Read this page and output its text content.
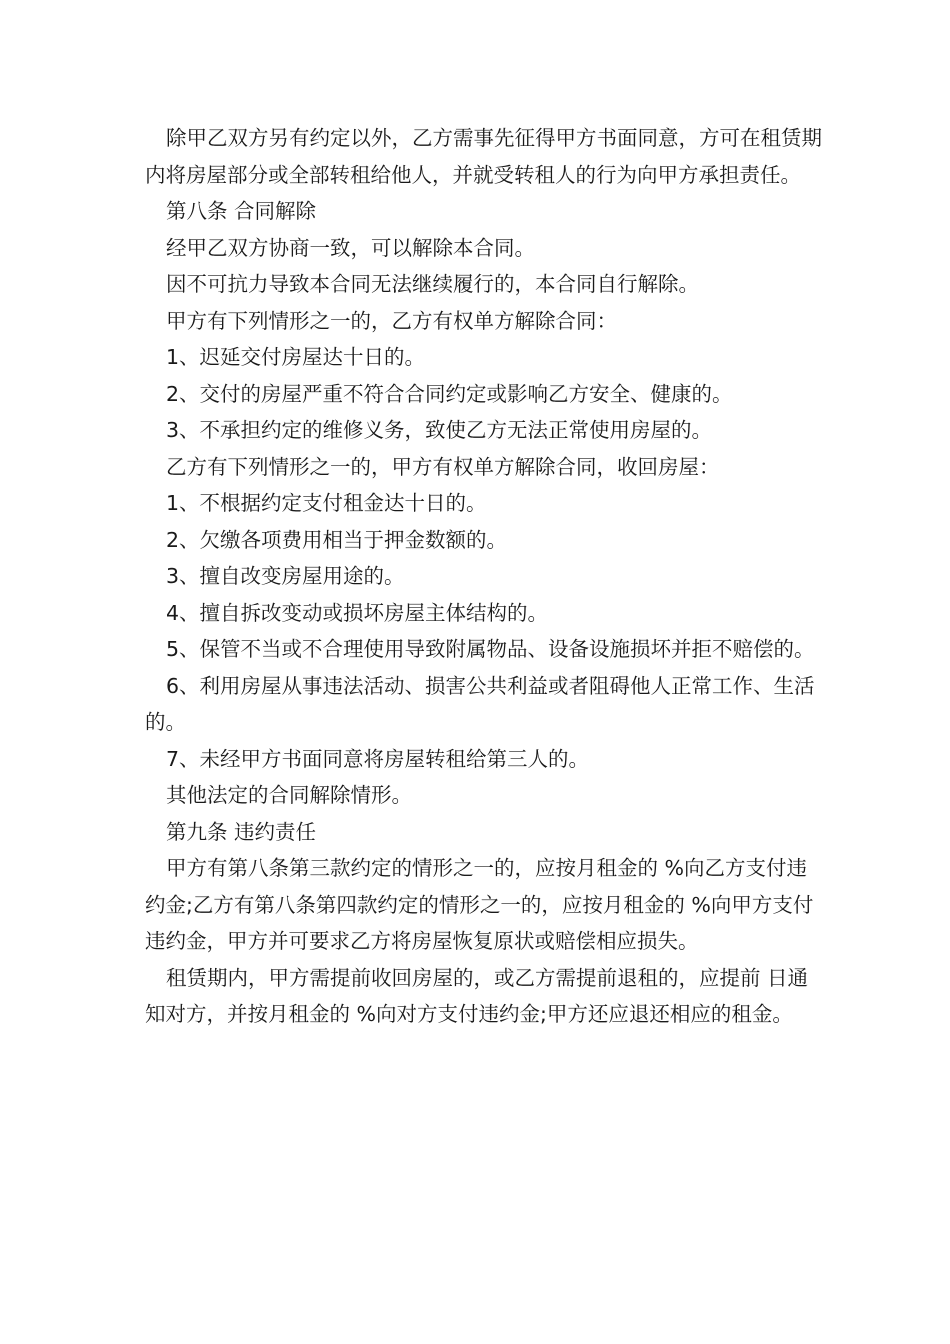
除甲乙双方另有约定以外，乙方需事先征得甲方书面同意，方可在租赁期内将房屋部分或全部转租给他人，并就受转租人的行为向甲方承担责任。

第八条 合同解除

经甲乙双方协商一致，可以解除本合同。

因不可抗力导致本合同无法继续履行的，本合同自行解除。

甲方有下列情形之一的，乙方有权单方解除合同：

1、迟延交付房屋达十日的。

2、交付的房屋严重不符合合同约定或影响乙方安全、健康的。

3、不承担约定的维修义务，致使乙方无法正常使用房屋的。

乙方有下列情形之一的，甲方有权单方解除合同，收回房屋：

1、不根据约定支付租金达十日的。

2、欠缴各项费用相当于押金数额的。

3、擅自改变房屋用途的。

4、擅自拆改变动或损坏房屋主体结构的。

5、保管不当或不合理使用导致附属物品、设备设施损坏并拒不赔偿的。

6、利用房屋从事违法活动、损害公共利益或者阻碍他人正常工作、生活的。

7、未经甲方书面同意将房屋转租给第三人的。

其他法定的合同解除情形。

第九条 违约责任

甲方有第八条第三款约定的情形之一的，应按月租金的 %向乙方支付违约金;乙方有第八条第四款约定的情形之一的，应按月租金的 %向甲方支付违约金，甲方并可要求乙方将房屋恢复原状或赔偿相应损失。

租赁期内，甲方需提前收回房屋的，或乙方需提前退租的，应提前 日通知对方，并按月租金的 %向对方支付违约金;甲方还应退还相应的租金。
